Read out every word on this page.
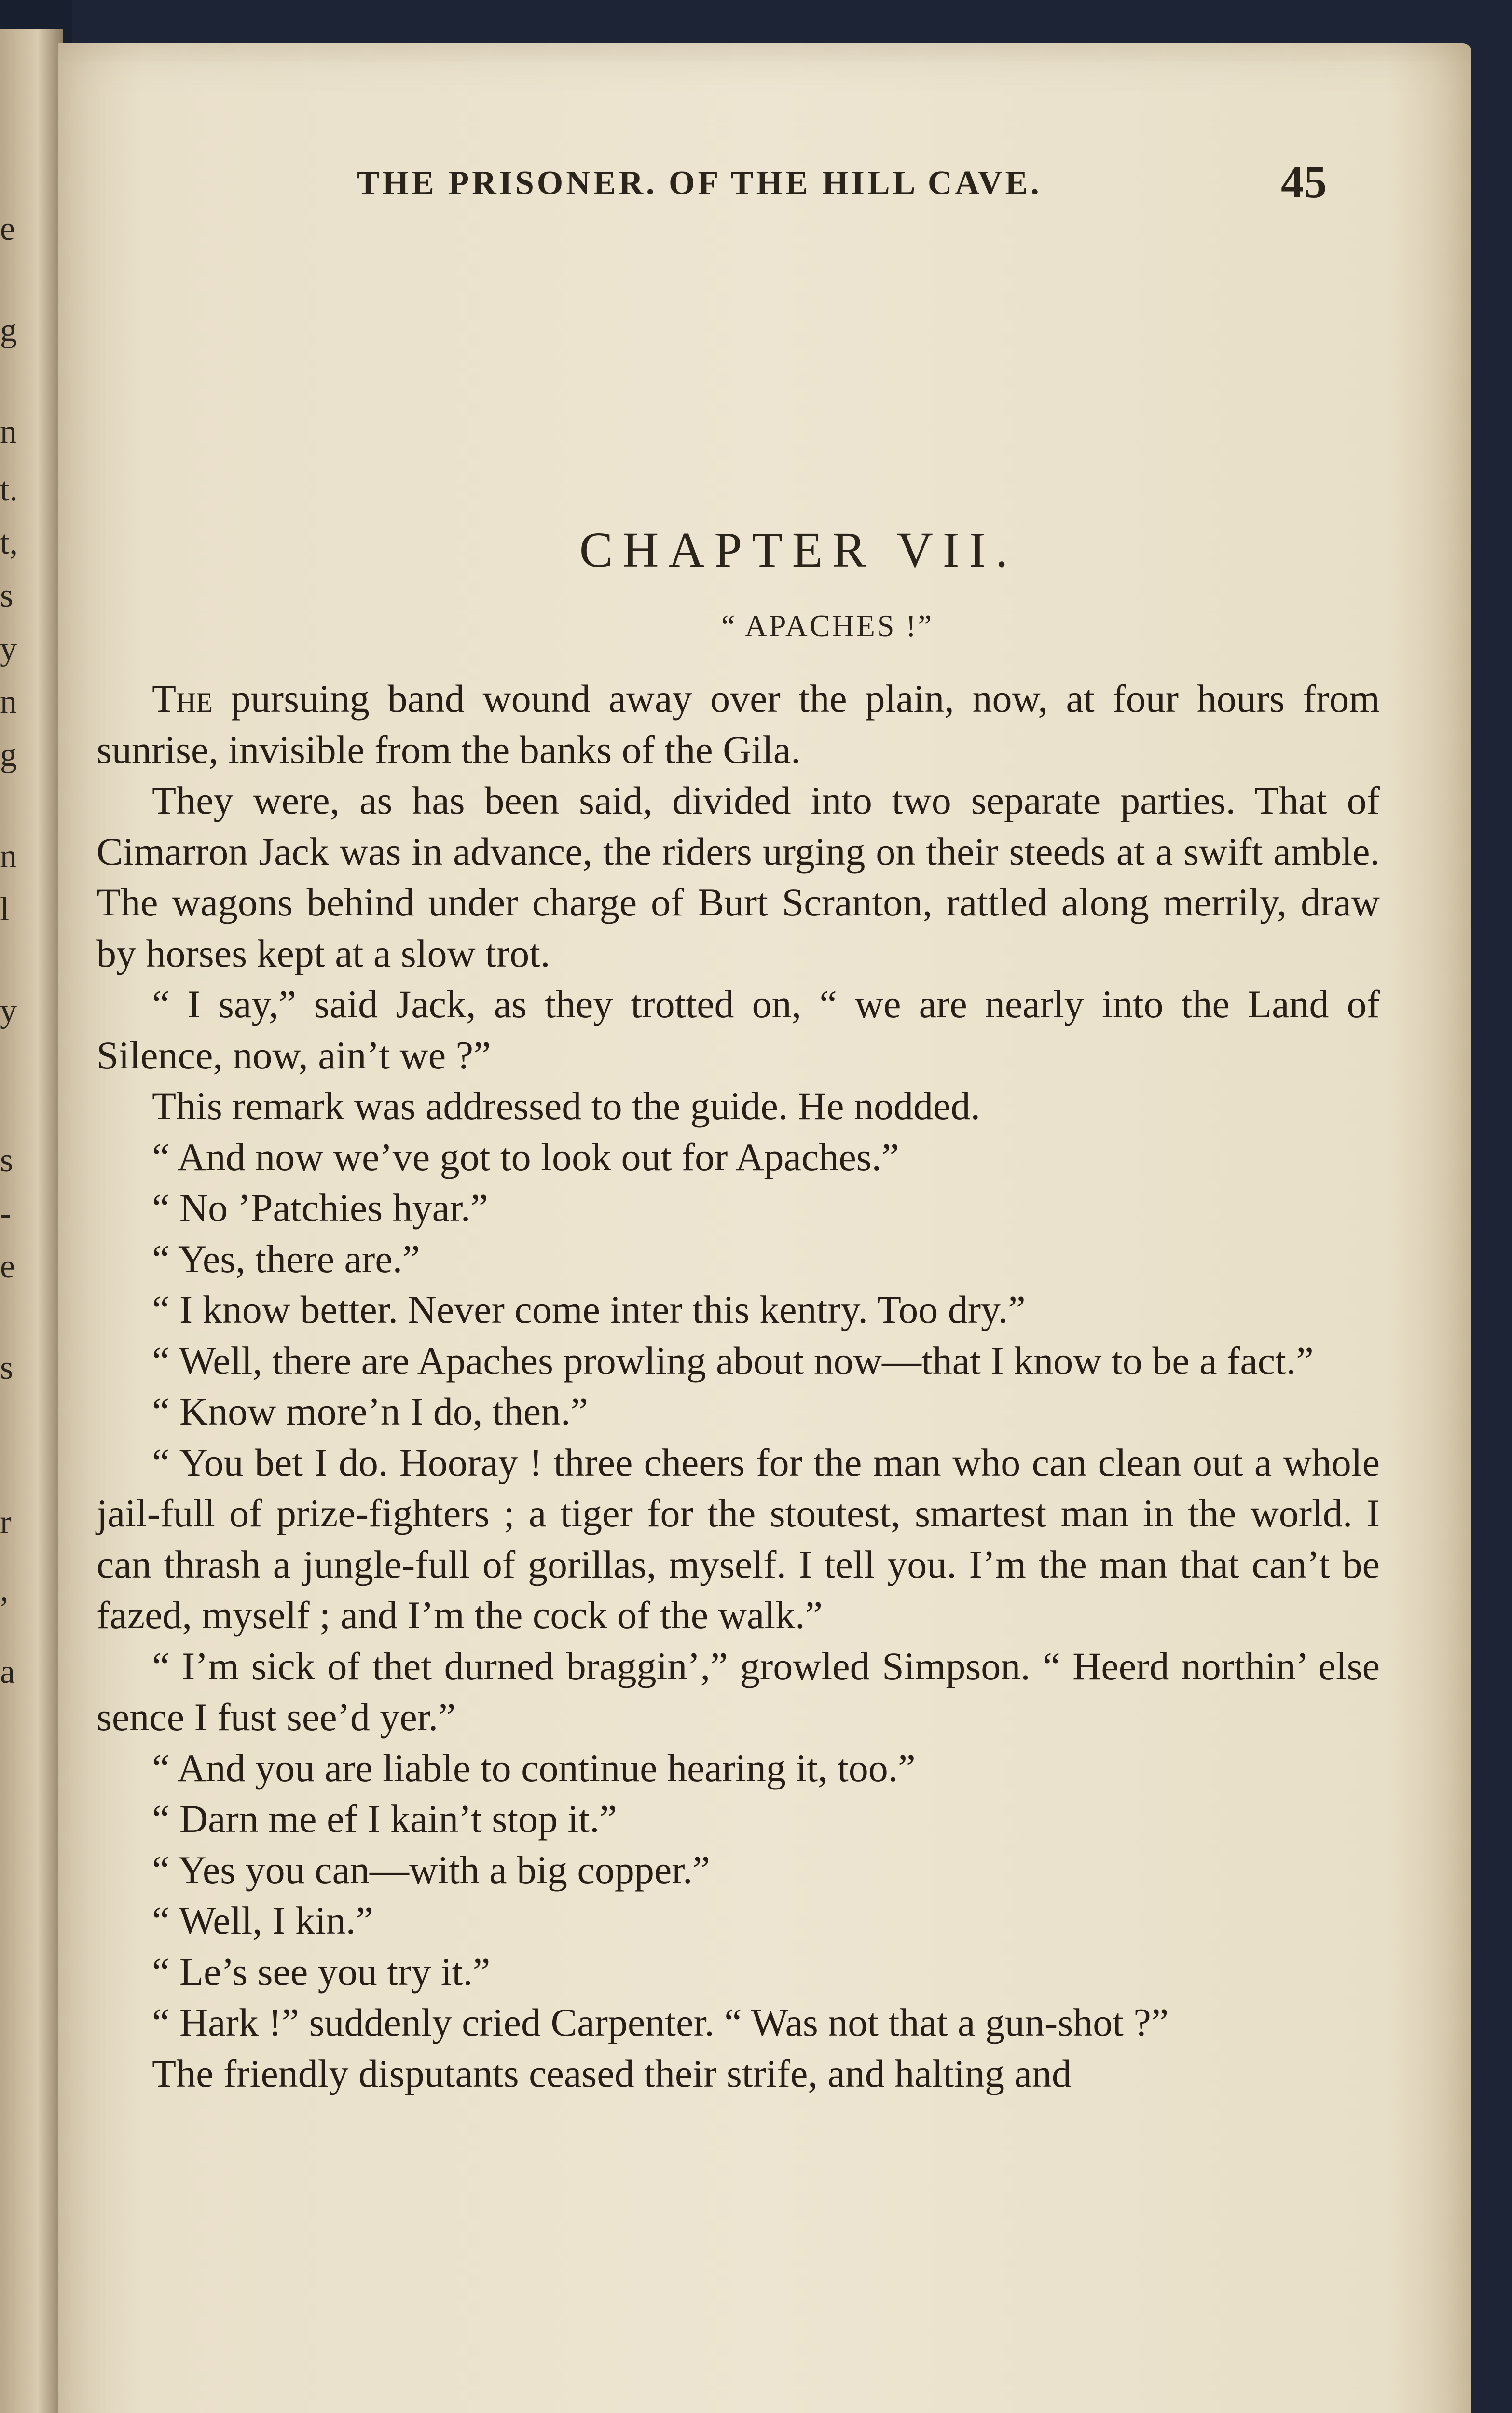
e
g
n
t.
t,
s
y
n
g
n
l
y
s
-
e
s
r
,
a
THE PRISONER. OF THE HILL CAVE.	45
CHAPTER VII.
“ APACHES !”

The pursuing band wound away over the plain, now, at four hours from sunrise, invisible from the banks of the Gila.

They were, as has been said, divided into two separate parties. That of Cimarron Jack was in advance, the riders urging on their steeds at a swift amble. The wagons behind under charge of Burt Scranton, rattled along merrily, draw by horses kept at a slow trot.

“ I say,” said Jack, as they trotted on, “ we are nearly into the Land of Silence, now, ain’t we ?”

This remark was addressed to the guide. He nodded.

“ And now we’ve got to look out for Apaches.”

“ No ’Patchies hyar.”

“ Yes, there are.”

“ I know better. Never come inter this kentry. Too dry.”

“ Well, there are Apaches prowling about now—that I know to be a fact.”

“ Know more’n I do, then.”

“ You bet I do. Hooray ! three cheers for the man who can clean out a whole jail-full of prize-fighters ; a tiger for the stoutest, smartest man in the world. I can thrash a jungle-full of gorillas, myself. I tell you. I’m the man that can’t be fazed, myself ; and I’m the cock of the walk.”

“ I’m sick of thet durned braggin’,” growled Simpson. “ Heerd northin’ else sence I fust see’d yer.”

“ And you are liable to continue hearing it, too.”

“ Darn me ef I kain’t stop it.”

“ Yes you can—with a big copper.”

“ Well, I kin.”

“ Le’s see you try it.”

“ Hark !” suddenly cried Carpenter. “ Was not that a gun-shot ?”

The friendly disputants ceased their strife, and halting and
